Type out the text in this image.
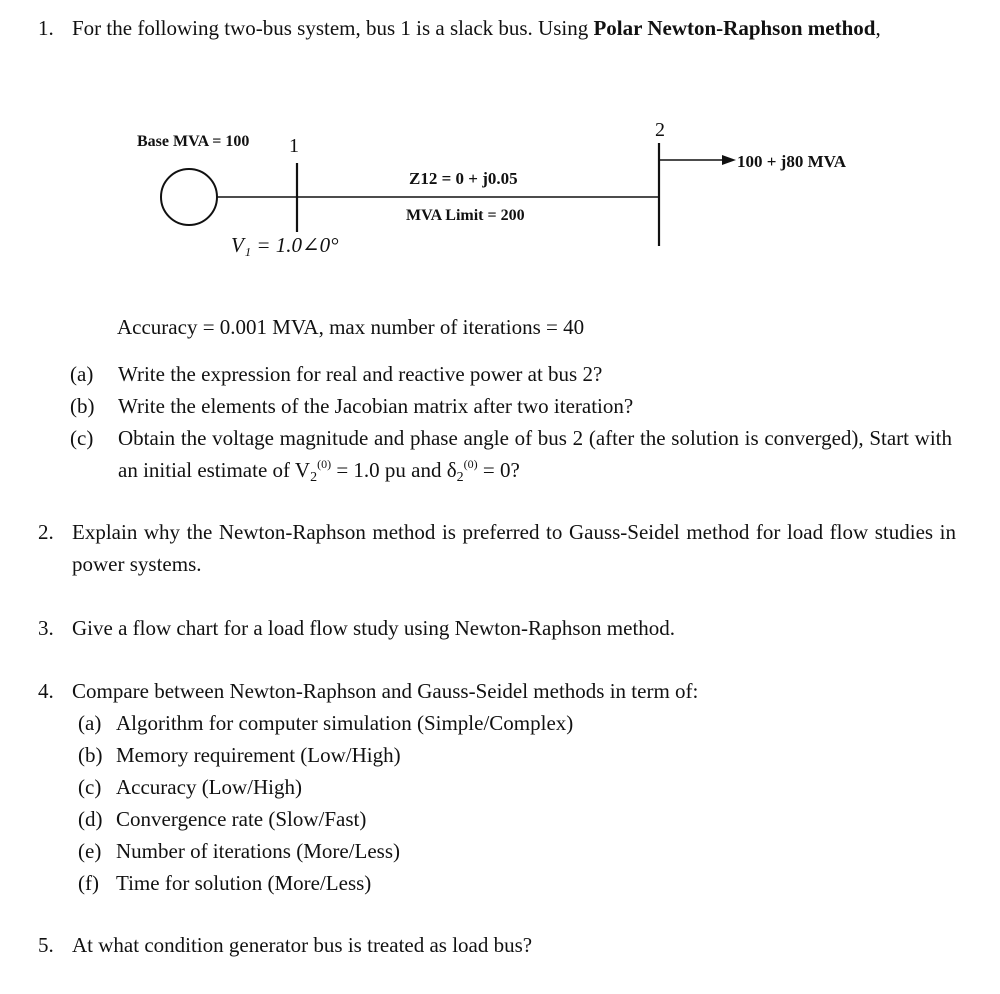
1. For the following two-bus system, bus 1 is a slack bus. Using Polar Newton-Raphson method,
Base MVA = 100 1
2
Z12 = 0 + j0.05
MVA Limit = 200
V₁ = 1.0∠0°
100 + j80 MVA
Accuracy = 0.001 MVA, max number of iterations = 40
(a) Write the expression for real and reactive power at bus 2?
(b) Write the elements of the Jacobian matrix after two iteration?
(c) Obtain the voltage magnitude and phase angle of bus 2 (after the solution is converged), Start with an initial estimate of $V_2^{(0)} = 1.0$ pu and $\delta_2^{(0)} = 0$?
2. Explain why the Newton-Raphson method is preferred to Gauss-Seidel method for load flow studies in power systems.
3. Give a flow chart for a load flow study using Newton-Raphson method.
4. Compare between Newton-Raphson and Gauss-Seidel methods in term of:
(a) Algorithm for computer simulation (Simple/Complex)
(b) Memory requirement (Low/High)
(c) Accuracy (Low/High)
(d) Convergence rate (Slow/Fast)
(e) Number of iterations (More/Less)
(f) Time for solution (More/Less)
5. At what condition generator bus is treated as load bus?
